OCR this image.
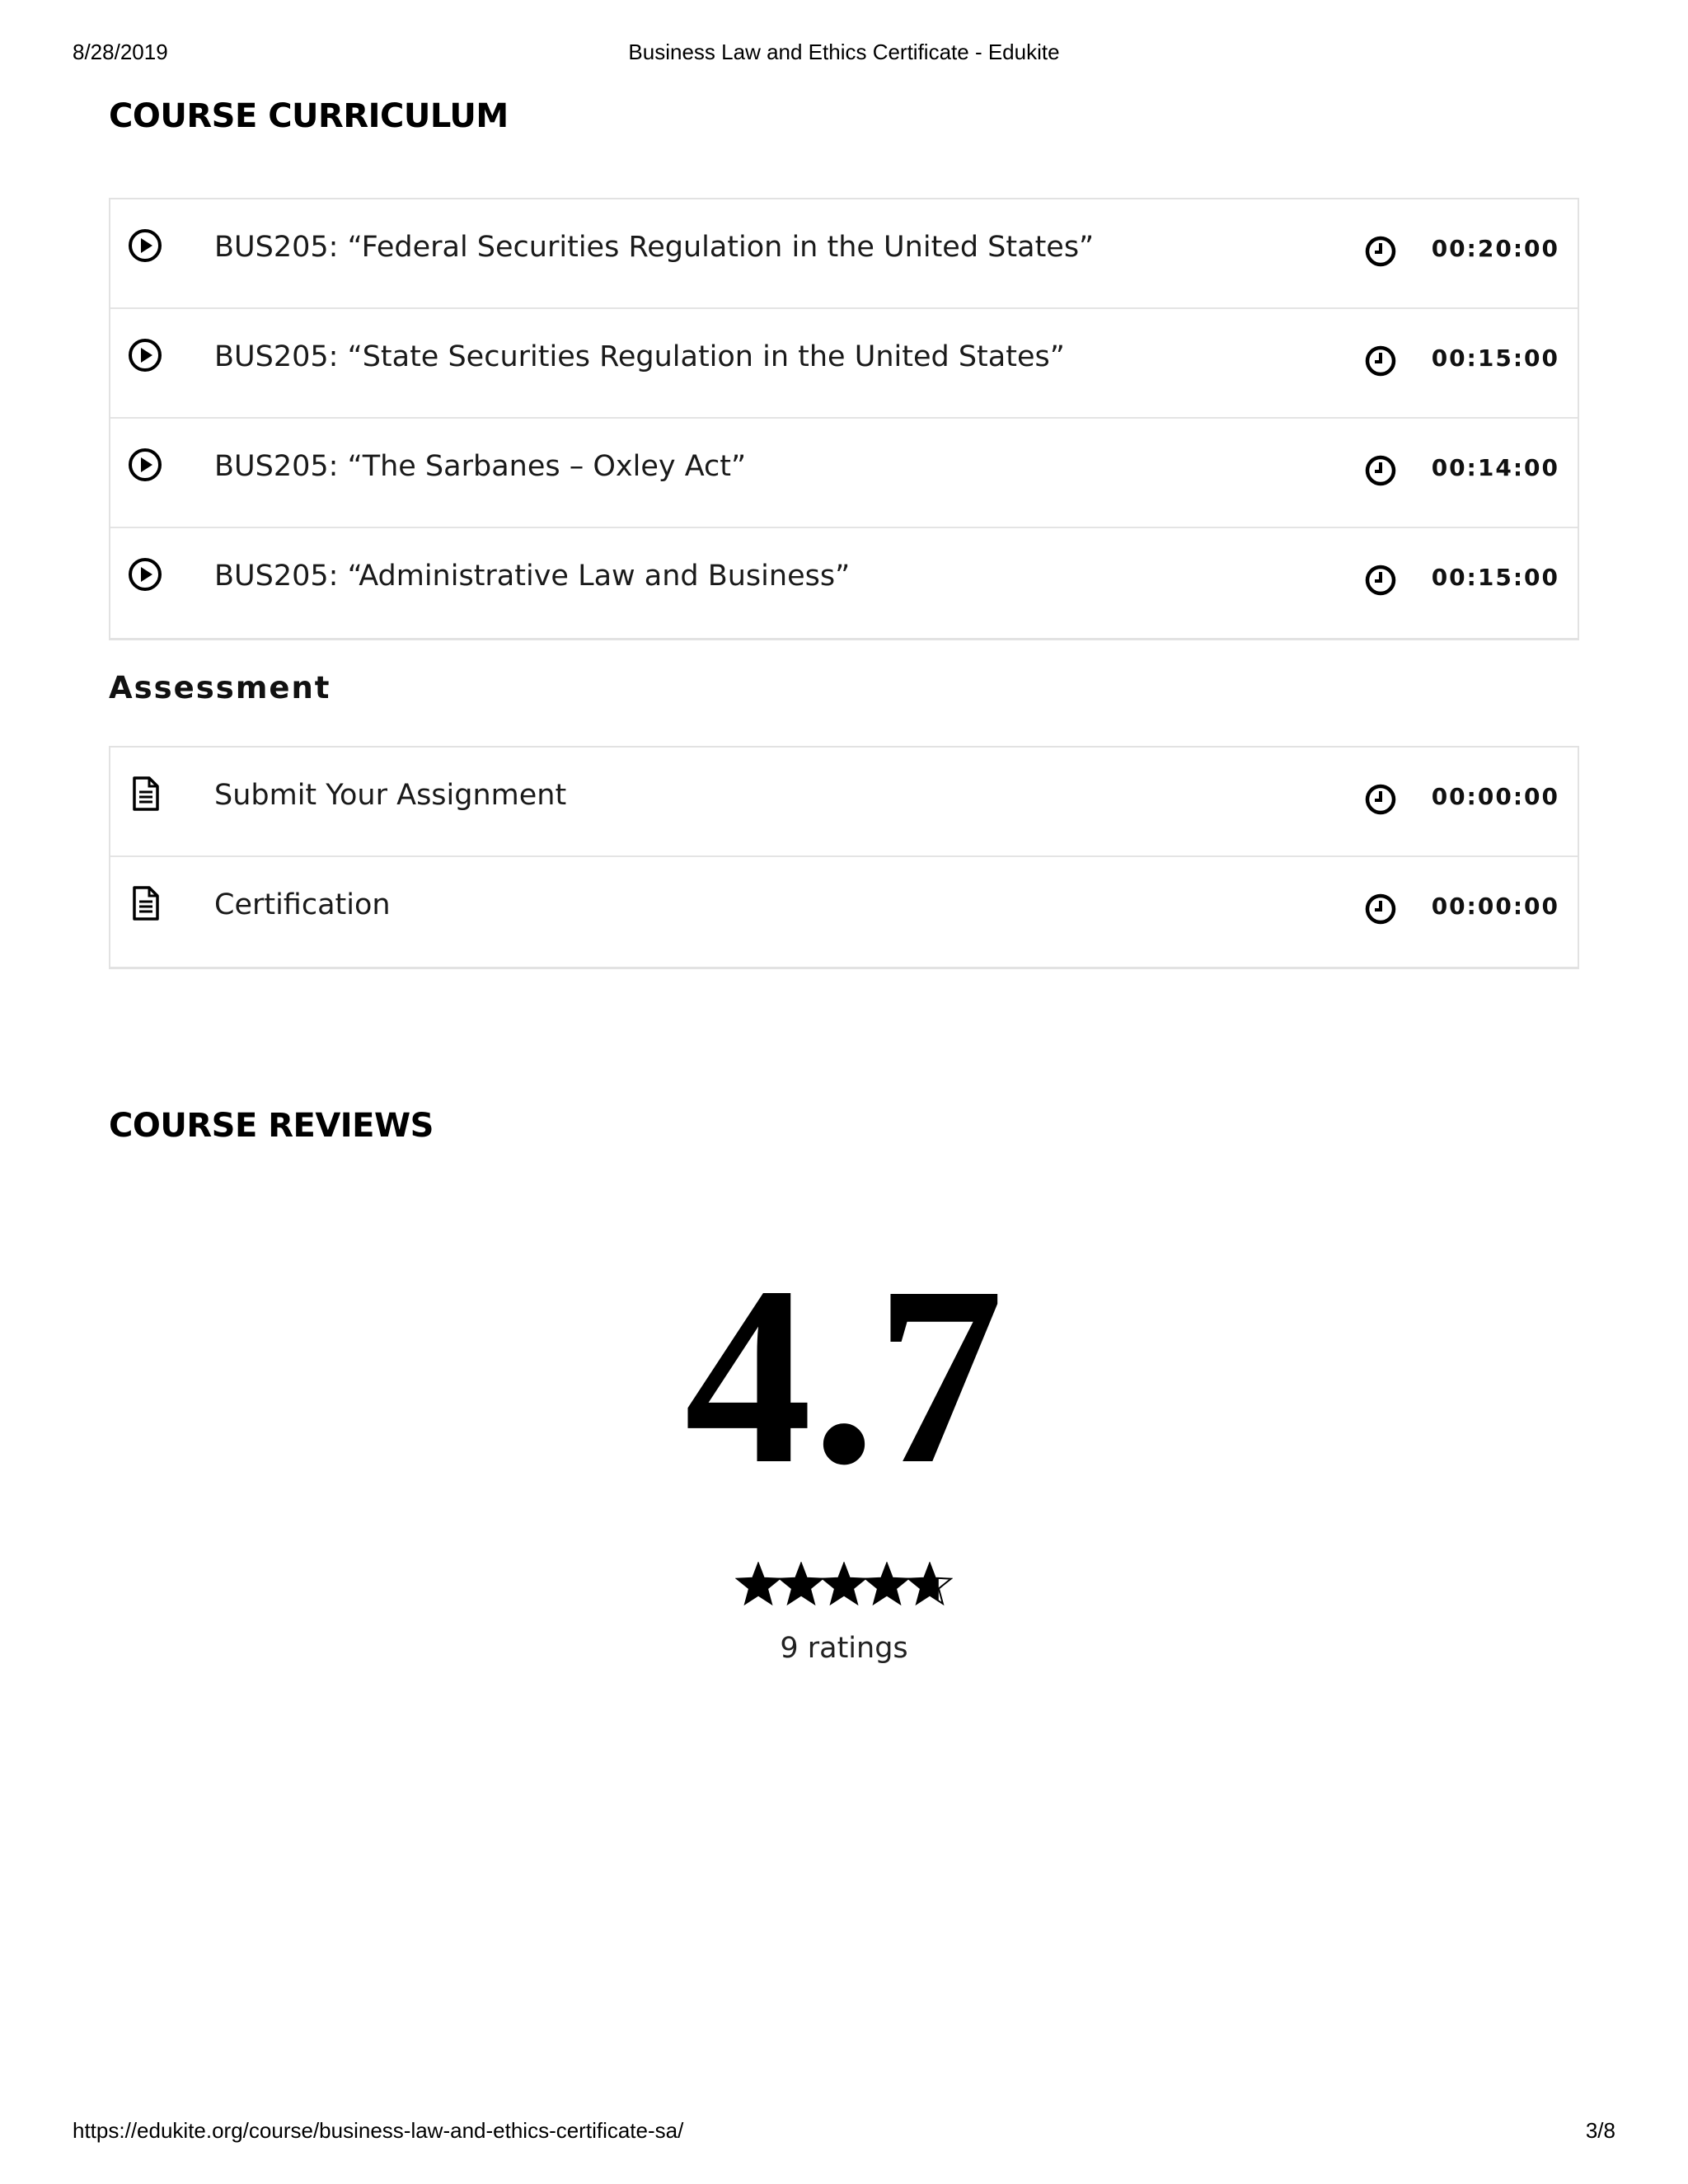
8/28/2019	Business Law and Ethics Certificate - Edukite
COURSE CURRICULUM
BUS205: “Federal Securities Regulation in the United States”	00:20:00
BUS205: “State Securities Regulation in the United States”	00:15:00
BUS205: “The Sarbanes – Oxley Act”	00:14:00
BUS205: “Administrative Law and Business”	00:15:00
Assessment
Submit Your Assignment	00:00:00
Certification	00:00:00
COURSE REVIEWS
4.7
9 ratings
https://edukite.org/course/business-law-and-ethics-certificate-sa/	3/8
